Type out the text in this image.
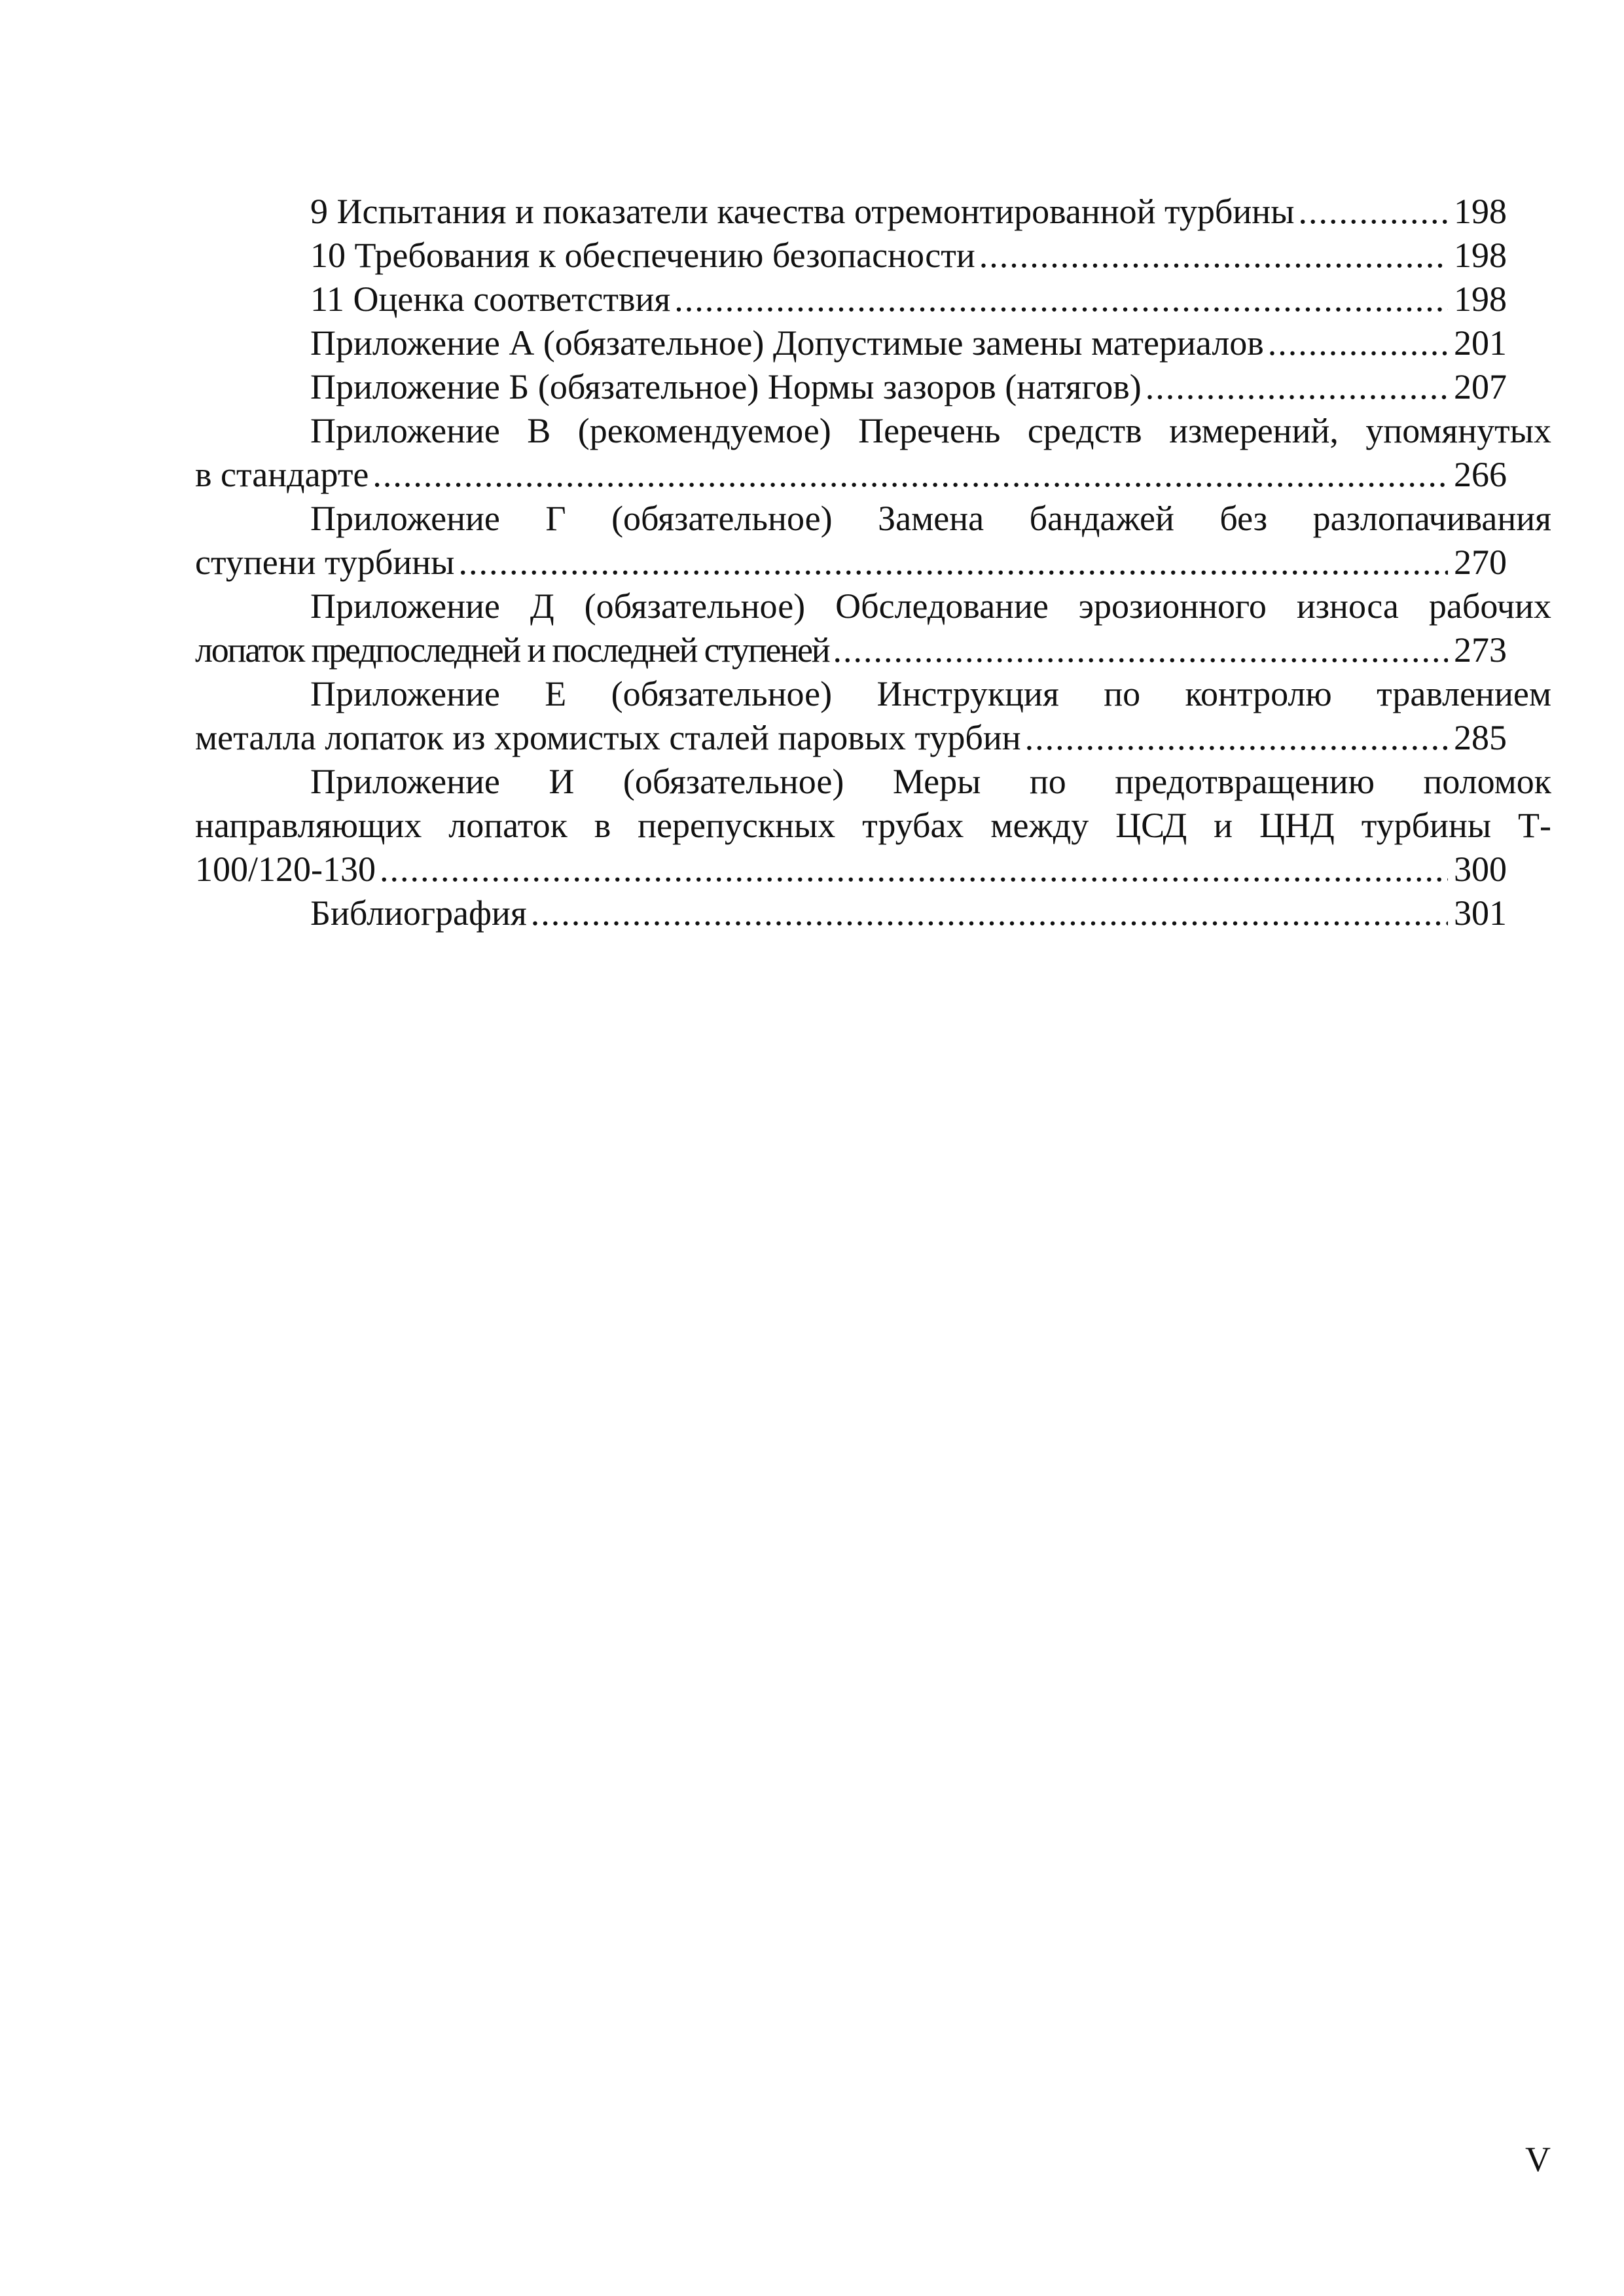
9 Испытания и показатели качества отремонтированной турбины .....	198
10 Требования к обеспечению безопасности .....	198
11 Оценка соответствия .....	198
Приложение А (обязательное) Допустимые замены материалов .....	201
Приложение Б (обязательное) Нормы зазоров (натягов) .....	207
Приложение В (рекомендуемое) Перечень средств измерений, упомянутых
в стандарте .....	266
Приложение Г (обязательное) Замена бандажей без разлопачивания
ступени турбины .....	270
Приложение Д (обязательное) Обследование эрозионного износа рабочих
лопаток предпоследней и последней ступеней .....	273
Приложение Е (обязательное) Инструкция по контролю травлением
металла лопаток из хромистых сталей паровых турбин .....	285
Приложение И (обязательное) Меры по предотвращению поломок
направляющих лопаток в перепускных трубах между ЦСД и ЦНД турбины Т-
100/120-130 .....	300
Библиография .....	301
V
